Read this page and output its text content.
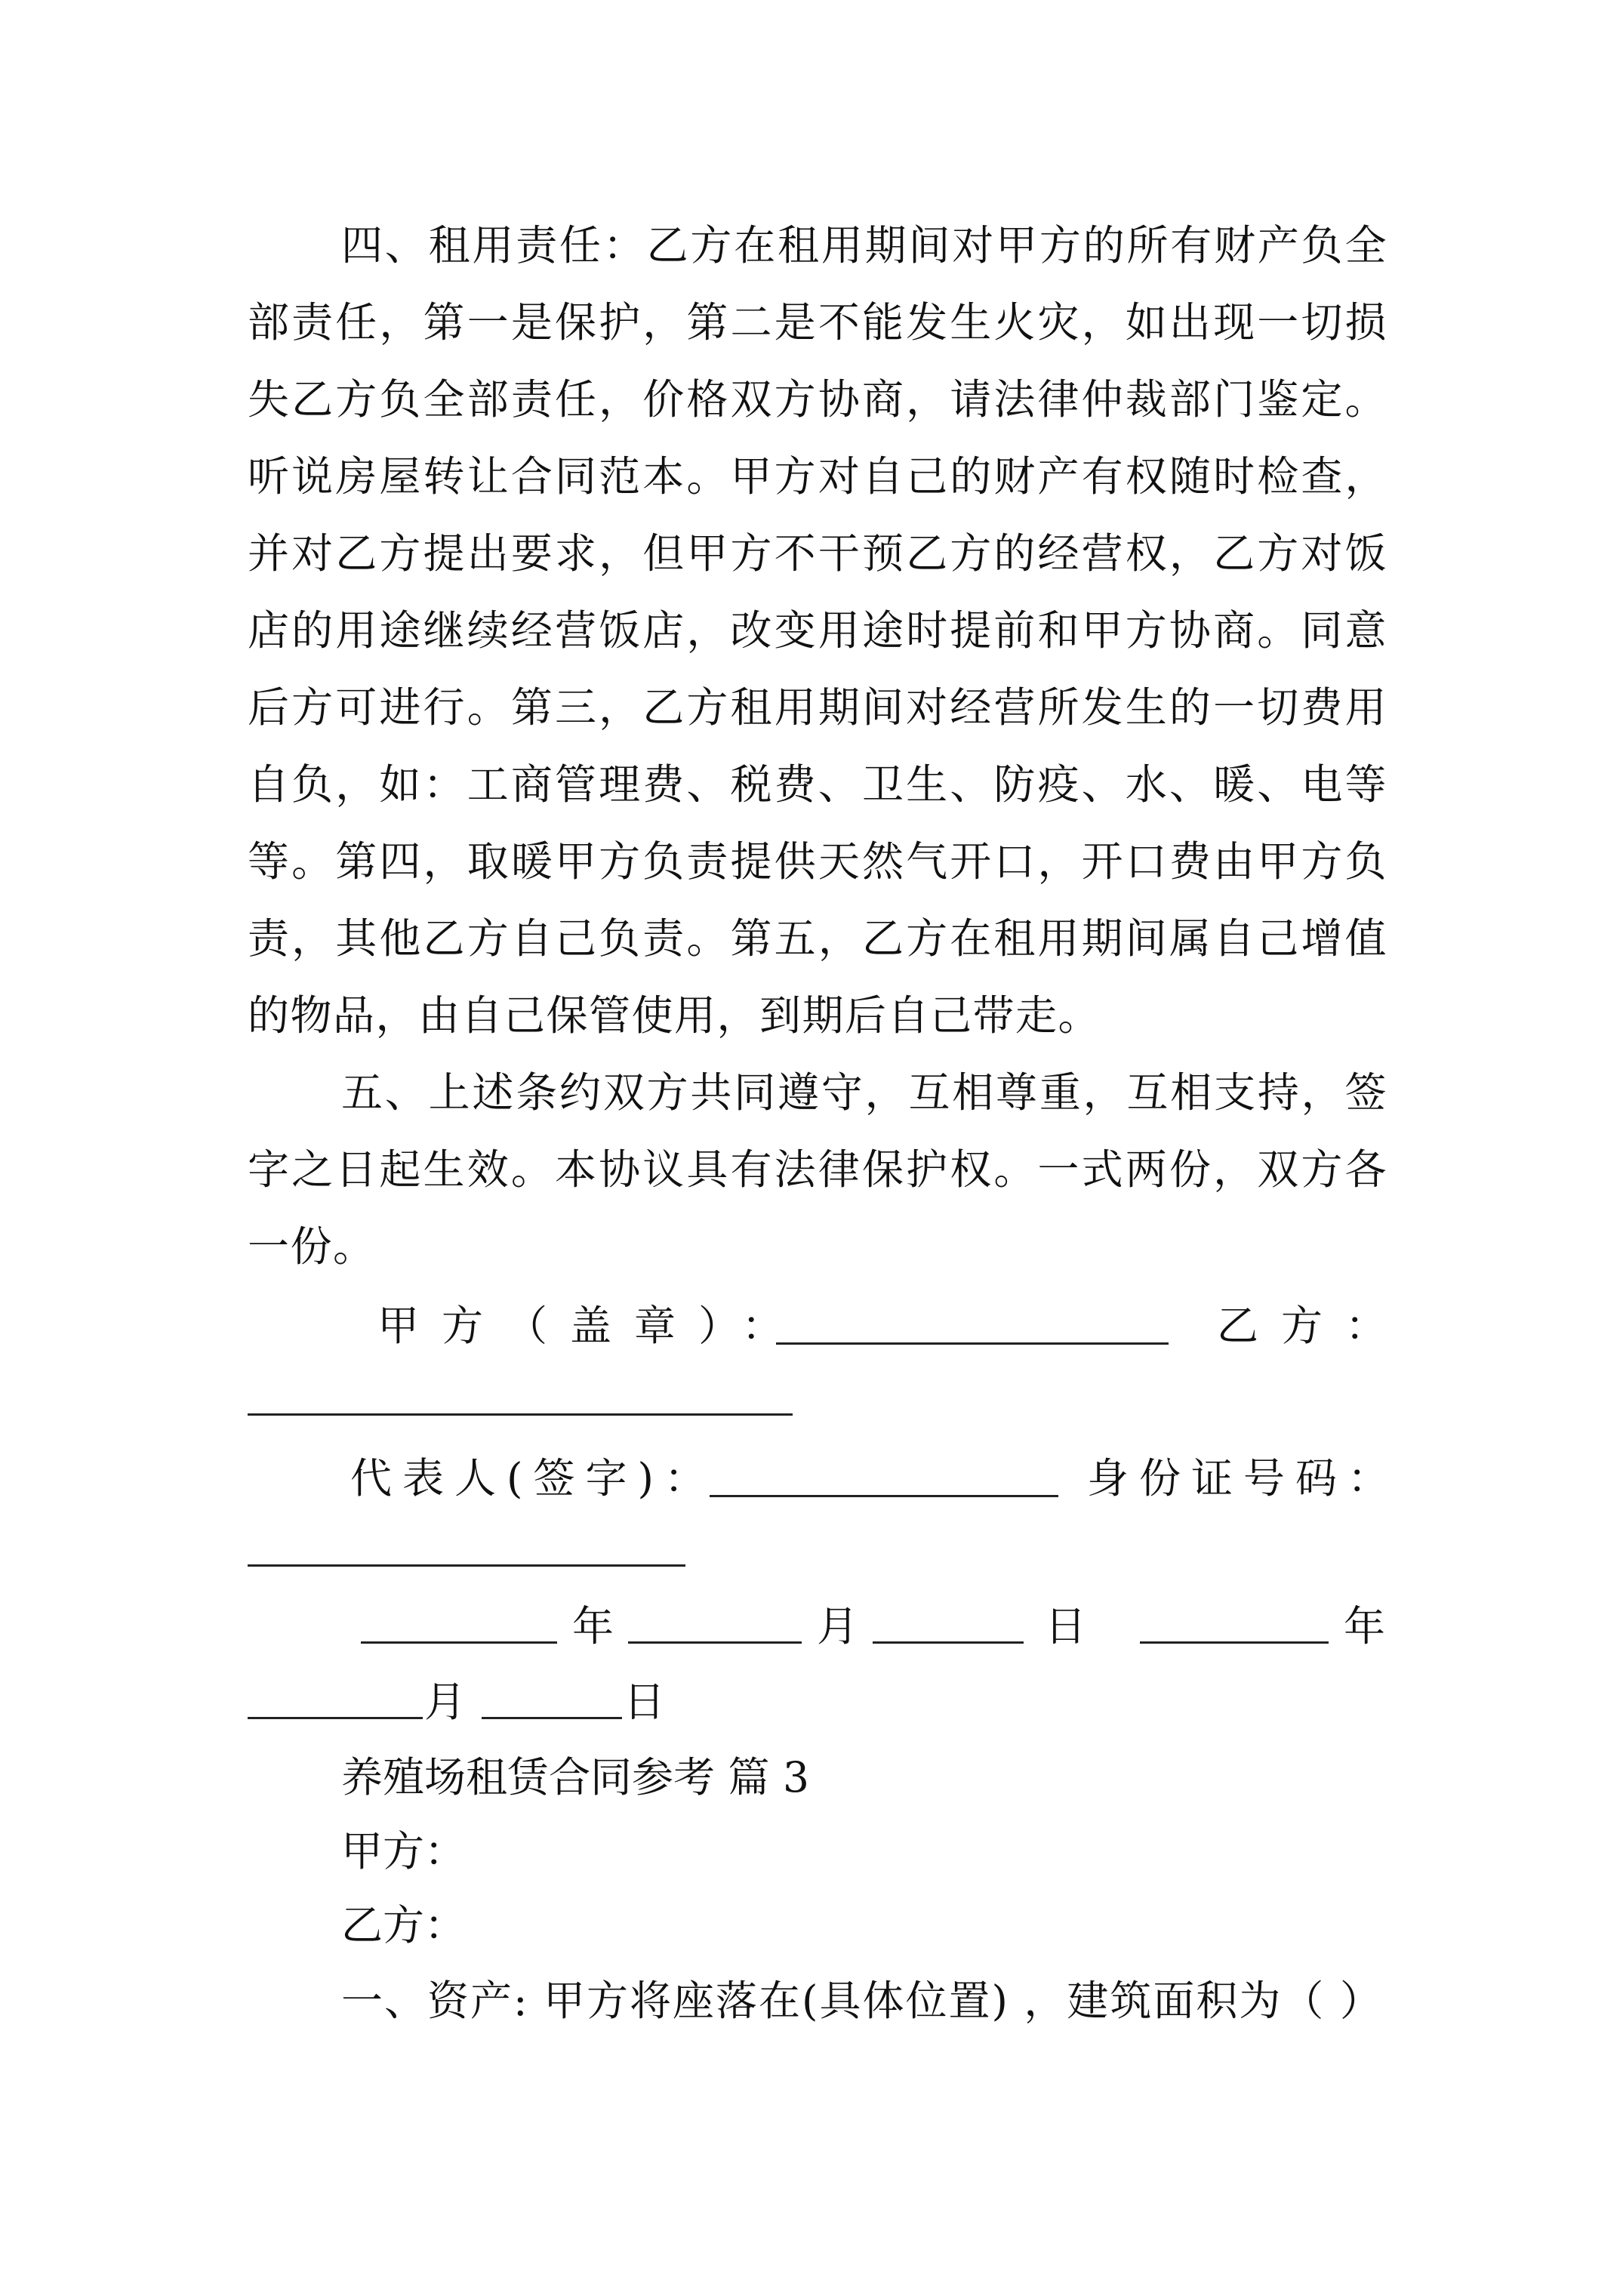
四、租用责任：乙方在租用期间对甲方的所有财产负全部责任，第一是保护，第二是不能发生火灾，如出现一切损失乙方负全部责任，价格双方协商，请法律仲裁部门鉴定。听说房屋转让合同范本。甲方对自己的财产有权随时检查，并对乙方提出要求，但甲方不干预乙方的经营权，乙方对饭店的用途继续经营饭店，改变用途时提前和甲方协商。同意后方可进行。第三，乙方租用期间对经营所发生的一切费用自负，如：工商管理费、税费、卫生、防疫、水、暖、电等等。第四，取暖甲方负责提供天然气开口，开口费由甲方负责，其他乙方自己负责。第五，乙方在租用期间属自己增值的物品，由自己保管使用，到期后自己带走。

五、上述条约双方共同遵守，互相尊重，互相支持，签字之日起生效。本协议具有法律保护权。一式两份，双方各一份。

甲方（盖章）：	乙方：
代表人(签字)：	身份证号码：
年	月	日	年
月	日
养殖场租赁合同参考 篇 3
甲方：
乙方：
一、资产: 甲方将座落在(具体位置) ，建筑面积为（ ）
